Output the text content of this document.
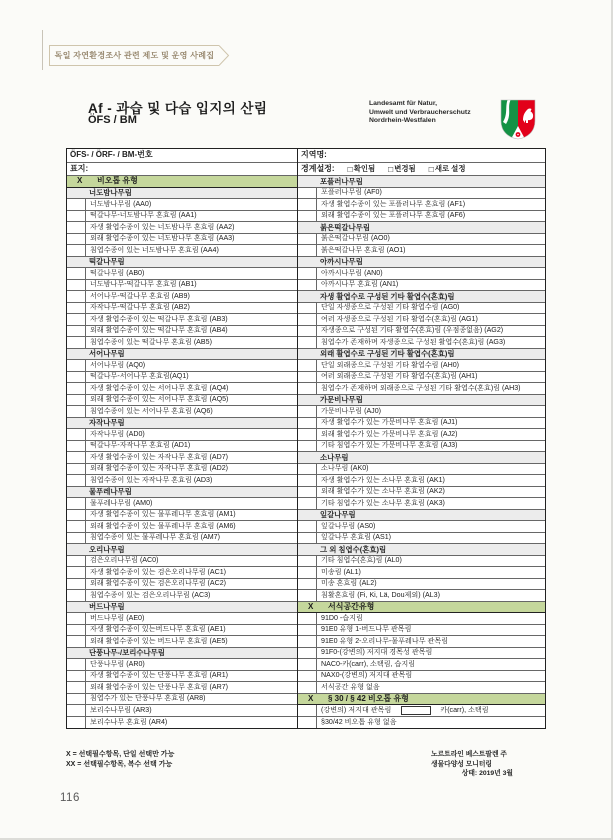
독일 자연환경조사 관련 제도 및 운영 사례집
Af - 과습 및 다습 입지의 산림
ÖFS / BM
Landesamt für Natur,
Umwelt und Verbraucherschutz
Nordrhein-Westfalen
ÖFS- / ÖRF- / BM-번호
표지:
X	비오톱 유형
너도밤나무림
너도밤나무림 (AA0)
떡갈나무-너도밤나무 혼효림 (AA1)
자생 활엽수종이 있는 너도밤나무 혼효림 (AA2)
외래 활엽수종이 있는 너도밤나무 혼효림 (AA3)
침엽수종이 있는 너도밤나무 혼효림 (AA4)
떡갈나무림
떡갈나무림 (AB0)
너도밤나무-떡갈나무 혼효림 (AB1)
서어나무-떡갈나무 혼효림 (AB9)
자작나무-떡갈나무 혼효림 (AB2)
자생 활엽수종이 있는 떡갈나무 혼효림 (AB3)
외래 활엽수종이 있는 떡갈나무 혼효림 (AB4)
침엽수종이 있는 떡갈나무 혼효림 (AB5)
서어나무림
서어나무림 (AQ0)
떡갈나무-서어나무 혼효림(AQ1)
자생 활엽수종이 있는 서어나무 혼효림 (AQ4)
외래 활엽수종이 있는 서어나무 혼효림 (AQ5)
침엽수종이 있는 서어나무 혼효림 (AQ6)
자작나무림
자작나무림 (AD0)
떡갈나무-자작나무 혼효림 (AD1)
자생 활엽수종이 있는 자작나무 혼효림 (AD7)
외래 활엽수종이 있는 자작나무 혼효림 (AD2)
침엽수종이 있는 자작나무 혼효림 (AD3)
물푸레나무림
물푸레나무림 (AM0)
자생 활엽수종이 있는 물푸레나무 혼효림 (AM1)
외래 활엽수종이 있는 물푸레나무 혼효림 (AM6)
침엽수종이 있는 물푸레나무 혼효림 (AM7)
오리나무림
검은오리나무림 (AC0)
자생 활엽수종이 있는 검은오리나무림 (AC1)
외래 활엽수종이 있는 검은오리나무림 (AC2)
침엽수종이 있는 검은오리나무림 (AC3)
버드나무림
버드나무림 (AE0)
자생 활엽수종이 있는버드나무 혼효림 (AE1)
외래 활엽수종이 있는 버드나무 혼효림 (AE5)
단풍나무-/보리수나무림
단풍나무림 (AR0)
자생 활엽수종이 있는 단풍나무 혼효림 (AR1)
외래 활엽수종이 있는 단풍나무 혼효림 (AR7)
침엽수가 있는 단풍나무 혼효림 (AR8)
보리수나무림 (AR3)
보리수나무 혼효림 (AR4)
지역명:
경계설정: □ 확인됨 □ 변경됨 □ 새로 설정
포플러나무림
포플러나무림 (AF0)
자생 활엽수종이 있는 포플러나무 혼효림 (AF1)
외래 활엽수종이 있는 포플러나무 혼효림 (AF6)
붉은떡갈나무림
붉은떡갈나무림 (AO0)
붉은떡갈나무 혼효림 (AO1)
아까시나무림
아까시나무림 (AN0)
아까시나무 혼효림 (AN1)
자생 활엽수로 구성된 기타 활엽수(혼효)림
단일 자생종으로 구성된 기타 활엽수림 (AG0)
여러 자생종으로 구성된 기타 활엽수(혼효)림 (AG1)
자생종으로 구성된 기타 활엽수(혼효)림 (우점종없음) (AG2)
침엽수가 존재하며 자생종으로 구성된 활엽수(혼효)림 (AG3)
외래 활엽수로 구성된 기타 활엽수(혼효)림
단일 외래종으로 구성된 기타 활엽수림 (AH0)
여러 외래종으로 구성된 기타 활엽수(혼효)림 (AH1)
침엽수가 존재하며 외래종으로 구성된 기타 활엽수(혼효)림 (AH3)
가문비나무림
가문비나무림 (AJ0)
자생 활엽수가 있는 가문비나무 혼효림 (AJ1)
외래 활엽수가 있는 가문비나무 혼효림 (AJ2)
기타 침엽수가 있는 가문비나무 혼효림 (AJ3)
소나무림
소나무림 (AK0)
자생 활엽수가 있는 소나무 혼효림 (AK1)
외래 활엽수가 있는 소나무 혼효림 (AK2)
기타 침엽수가 있는 소나무 혼효림 (AK3)
잎갈나무림
잎갈나무림 (AS0)
잎갈나무 혼효림 (AS1)
그 외 침엽수(혼효)림
기타 침엽수(혼효)림 (AL0)
미송림 (AL1)
미송 혼효림 (AL2)
침활혼효림 (Fi, Ki, Lä, Dou제외) (AL3)
X	서식공간유형
91D0 -습지림
91E0 유형 1-버드나무 관목림
91E0 유형 2-오리나무-물푸레나무 관목림
91F0-(강변의) 저지대 경목성 관목림
NAC0-카(carr), 소택림, 습지림
NAX0-(강변의) 저지대 관목림
서식공간 유형 없음
X	§ 30 / § 42 비오톱 유형
(강변의) 저지대 관목림	카(carr), 소택림
§30/42 비오톱 유형 없음
X = 선택필수항목, 단일 선택만 가능
XX = 선택필수항목, 복수 선택 가능
노르트라인 베스트팔렌 주
생물다양성 모니터링
상태: 2019년 3월
116
